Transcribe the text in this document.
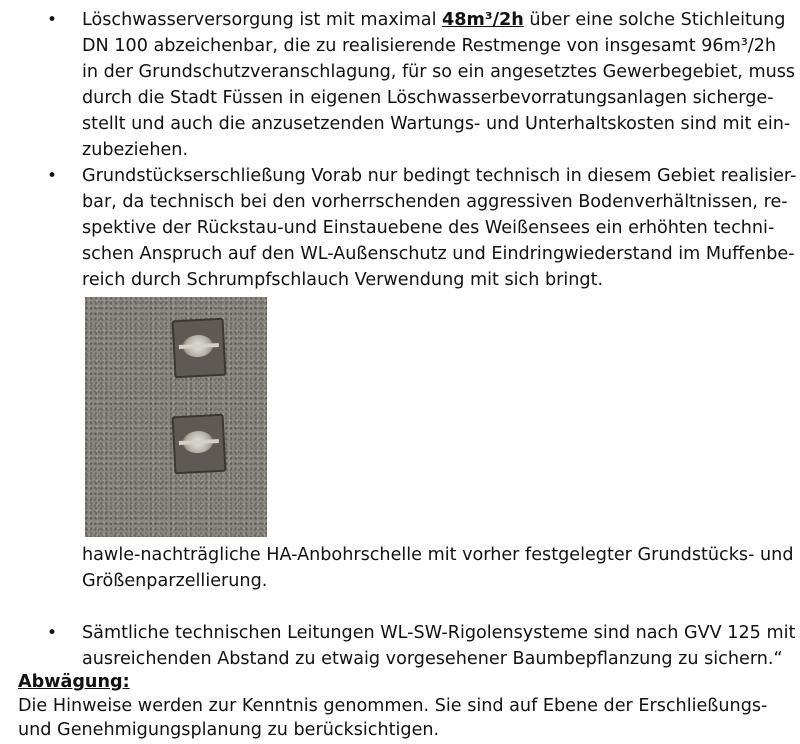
• Löschwasserversorgung ist mit maximal 48m³/2h über eine solche Stichleitung
DN 100 abzeichenbar, die zu realisierende Restmenge von insgesamt 96m³/2h
in der Grundschutzveranschlagung, für so ein angesetztes Gewerbegebiet, muss
durch die Stadt Füssen in eigenen Löschwasserbevorratungsanlagen sicherge-
stellt und auch die anzusetzenden Wartungs- und Unterhaltskosten sind mit ein-
zubeziehen.
• Grundstückserschließung Vorab nur bedingt technisch in diesem Gebiet realisier-
bar, da technisch bei den vorherrschenden aggressiven Bodenverhältnissen, re-
spektive der Rückstau-und Einstauebene des Weißensees ein erhöhten techni-
schen Anspruch auf den WL-Außenschutz und Eindringwiederstand im Muffenbe-
reich durch Schrumpfschlauch Verwendung mit sich bringt.
hawle-nachträgliche HA-Anbohrschelle mit vorher festgelegter Grundstücks- und
Größenparzellierung.
• Sämtliche technischen Leitungen WL-SW-Rigolensysteme sind nach GVV 125 mit
ausreichenden Abstand zu etwaig vorgesehener Baumbepflanzung zu sichern.“
Abwägung:
Die Hinweise werden zur Kenntnis genommen. Sie sind auf Ebene der Erschließungs-
und Genehmigungsplanung zu berücksichtigen.
